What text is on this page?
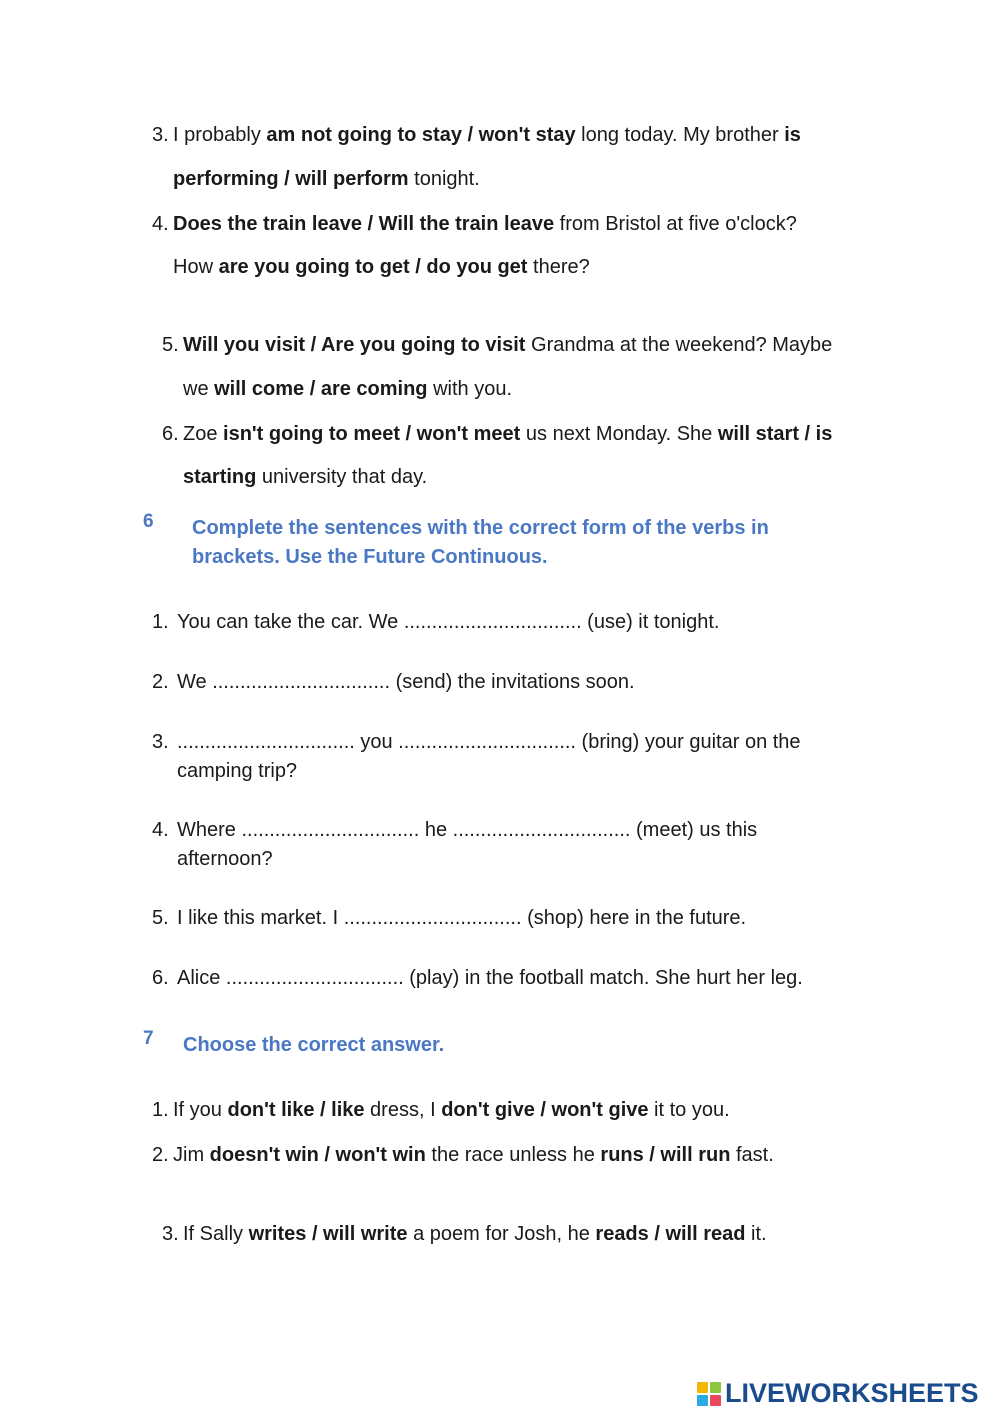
3. I probably am not going to stay / won't stay long today. My brother is
performing / will perform tonight.
4. Does the train leave / Will the train leave from Bristol at five o'clock?
How are you going to get / do you get there?
5. Will you visit / Are you going to visit Grandma at the weekend? Maybe
we will come / are coming with you.
6. Zoe isn't going to meet / won't meet us next Monday. She will start / is
starting university that day.
6 Complete the sentences with the correct form of the verbs in
brackets. Use the Future Continuous.
1. You can take the car. We ................................ (use) it tonight.
2. We ................................ (send) the invitations soon.
3. ................................ you ................................ (bring) your guitar on the
camping trip?
4. Where ................................ he ................................ (meet) us this
afternoon?
5. I like this market. I ................................ (shop) here in the future.
6. Alice ................................ (play) in the football match. She hurt her leg.
7 Choose the correct answer.
1. If you don't like / like dress, I don't give / won't give it to you.
2. Jim doesn't win / won't win the race unless he runs / will run fast.
3. If Sally writes / will write a poem for Josh, he reads / will read it.
LIVEWORKSHEETS
